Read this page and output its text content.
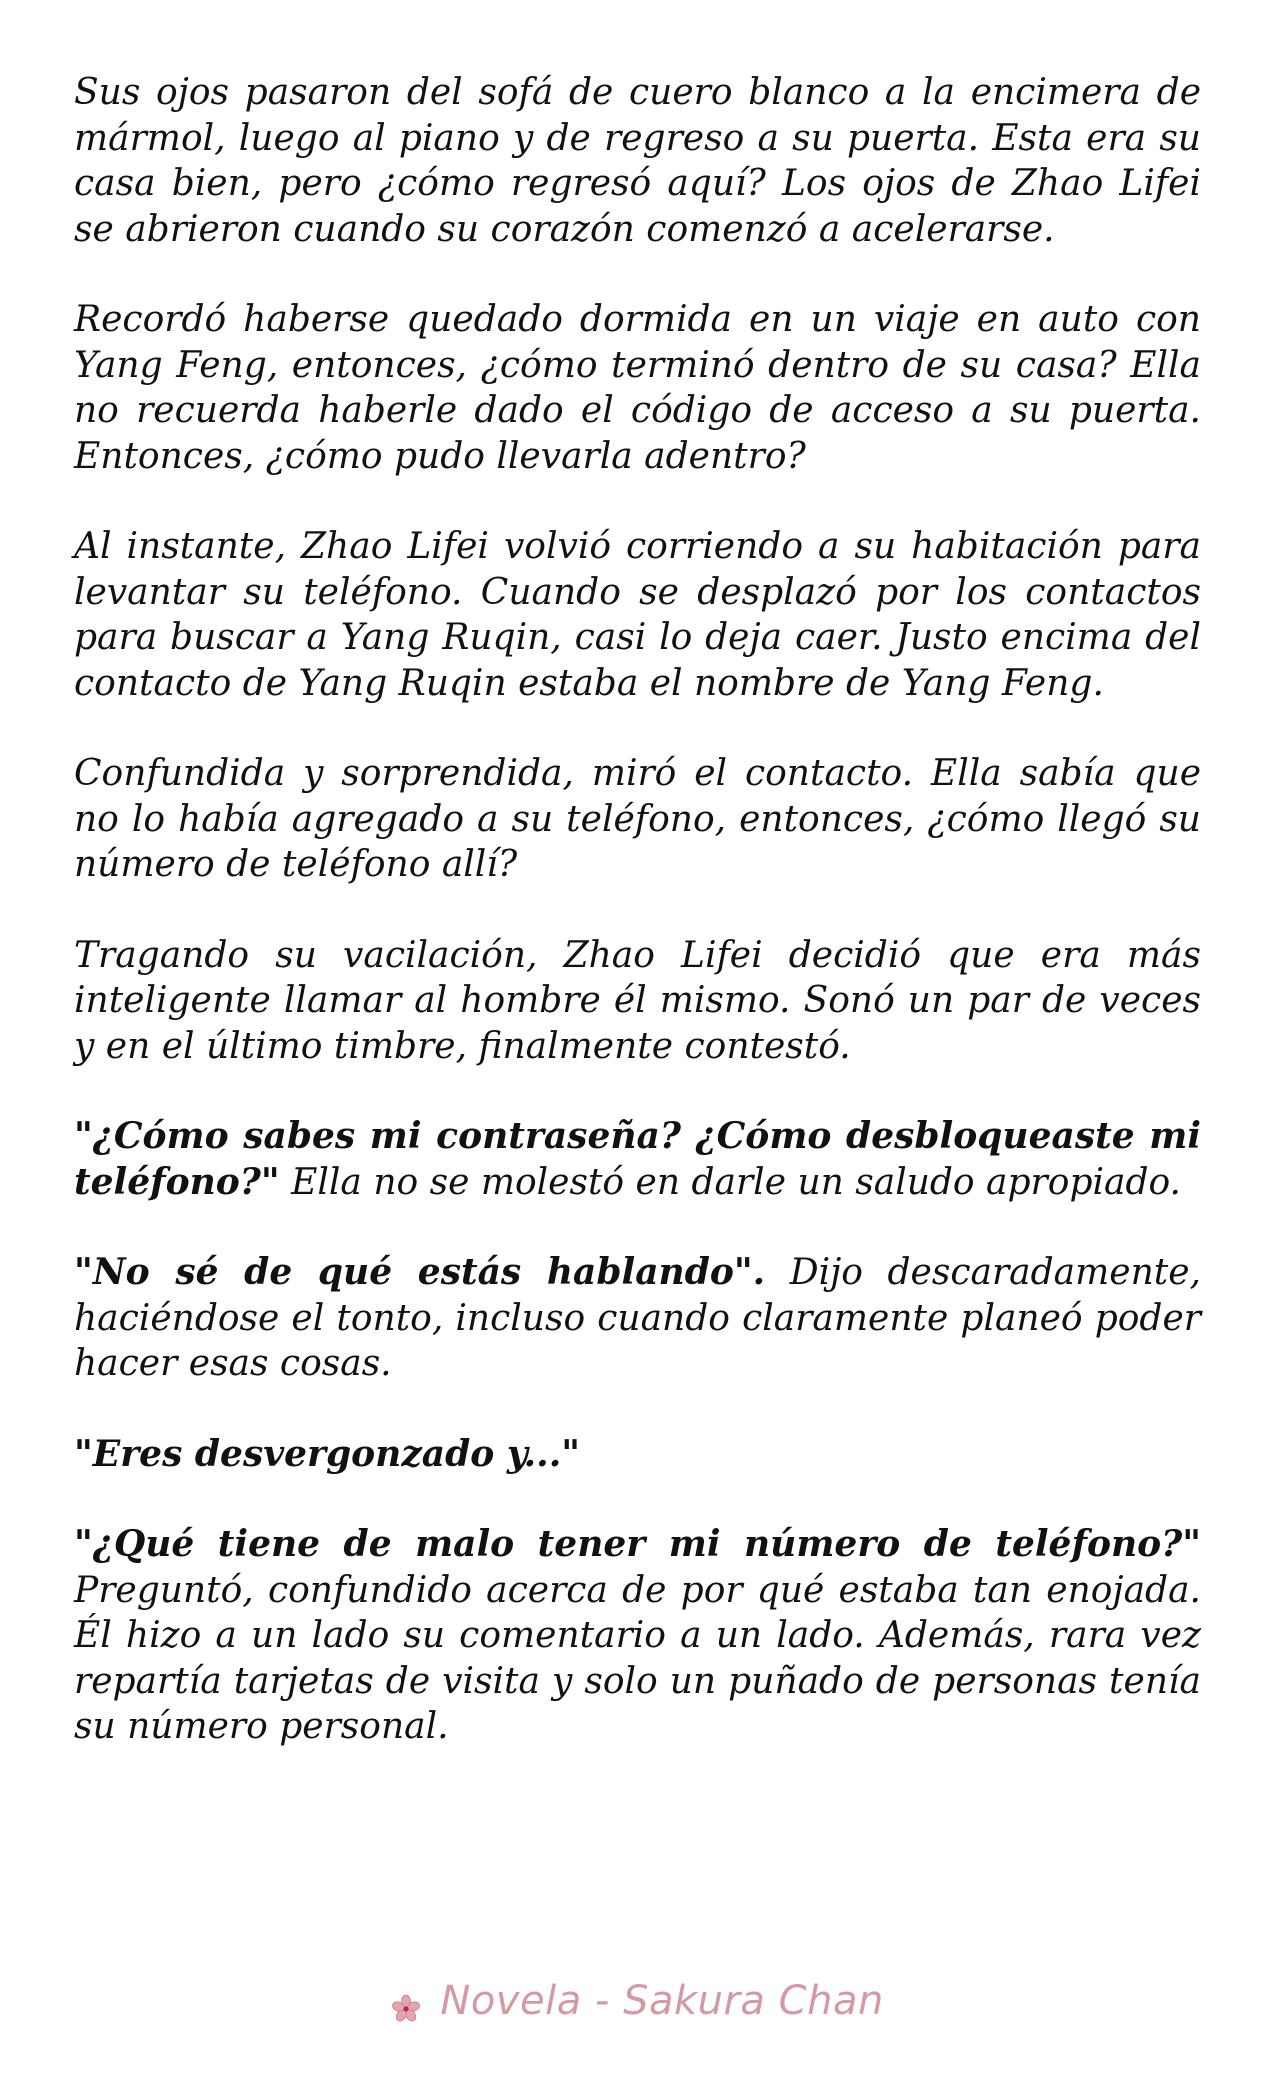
Sus ojos pasaron del sofá de cuero blanco a la encimera de mármol, luego al piano y de regreso a su puerta. Esta era su casa bien, pero ¿cómo regresó aquí? Los ojos de Zhao Lifei se abrieron cuando su corazón comenzó a acelerarse.

Recordó haberse quedado dormida en un viaje en auto con Yang Feng, entonces, ¿cómo terminó dentro de su casa? Ella no recuerda haberle dado el código de acceso a su puerta. Entonces, ¿cómo pudo llevarla adentro?

Al instante, Zhao Lifei volvió corriendo a su habitación para levantar su teléfono. Cuando se desplazó por los contactos para buscar a Yang Ruqin, casi lo deja caer. Justo encima del contacto de Yang Ruqin estaba el nombre de Yang Feng.

Confundida y sorprendida, miró el contacto. Ella sabía que no lo había agregado a su teléfono, entonces, ¿cómo llegó su número de teléfono allí?

Tragando su vacilación, Zhao Lifei decidió que era más inteligente llamar al hombre él mismo. Sonó un par de veces y en el último timbre, finalmente contestó.

"¿Cómo sabes mi contraseña? ¿Cómo desbloqueaste mi teléfono?" Ella no se molestó en darle un saludo apropiado.

"No sé de qué estás hablando". Dijo descaradamente, haciéndose el tonto, incluso cuando claramente planeó poder hacer esas cosas.

"Eres desvergonzado y..."

"¿Qué tiene de malo tener mi número de teléfono?" Preguntó, confundido acerca de por qué estaba tan enojada. Él hizo a un lado su comentario a un lado. Además, rara vez repartía tarjetas de visita y solo un puñado de personas tenía su número personal.

Novela - Sakura Chan
